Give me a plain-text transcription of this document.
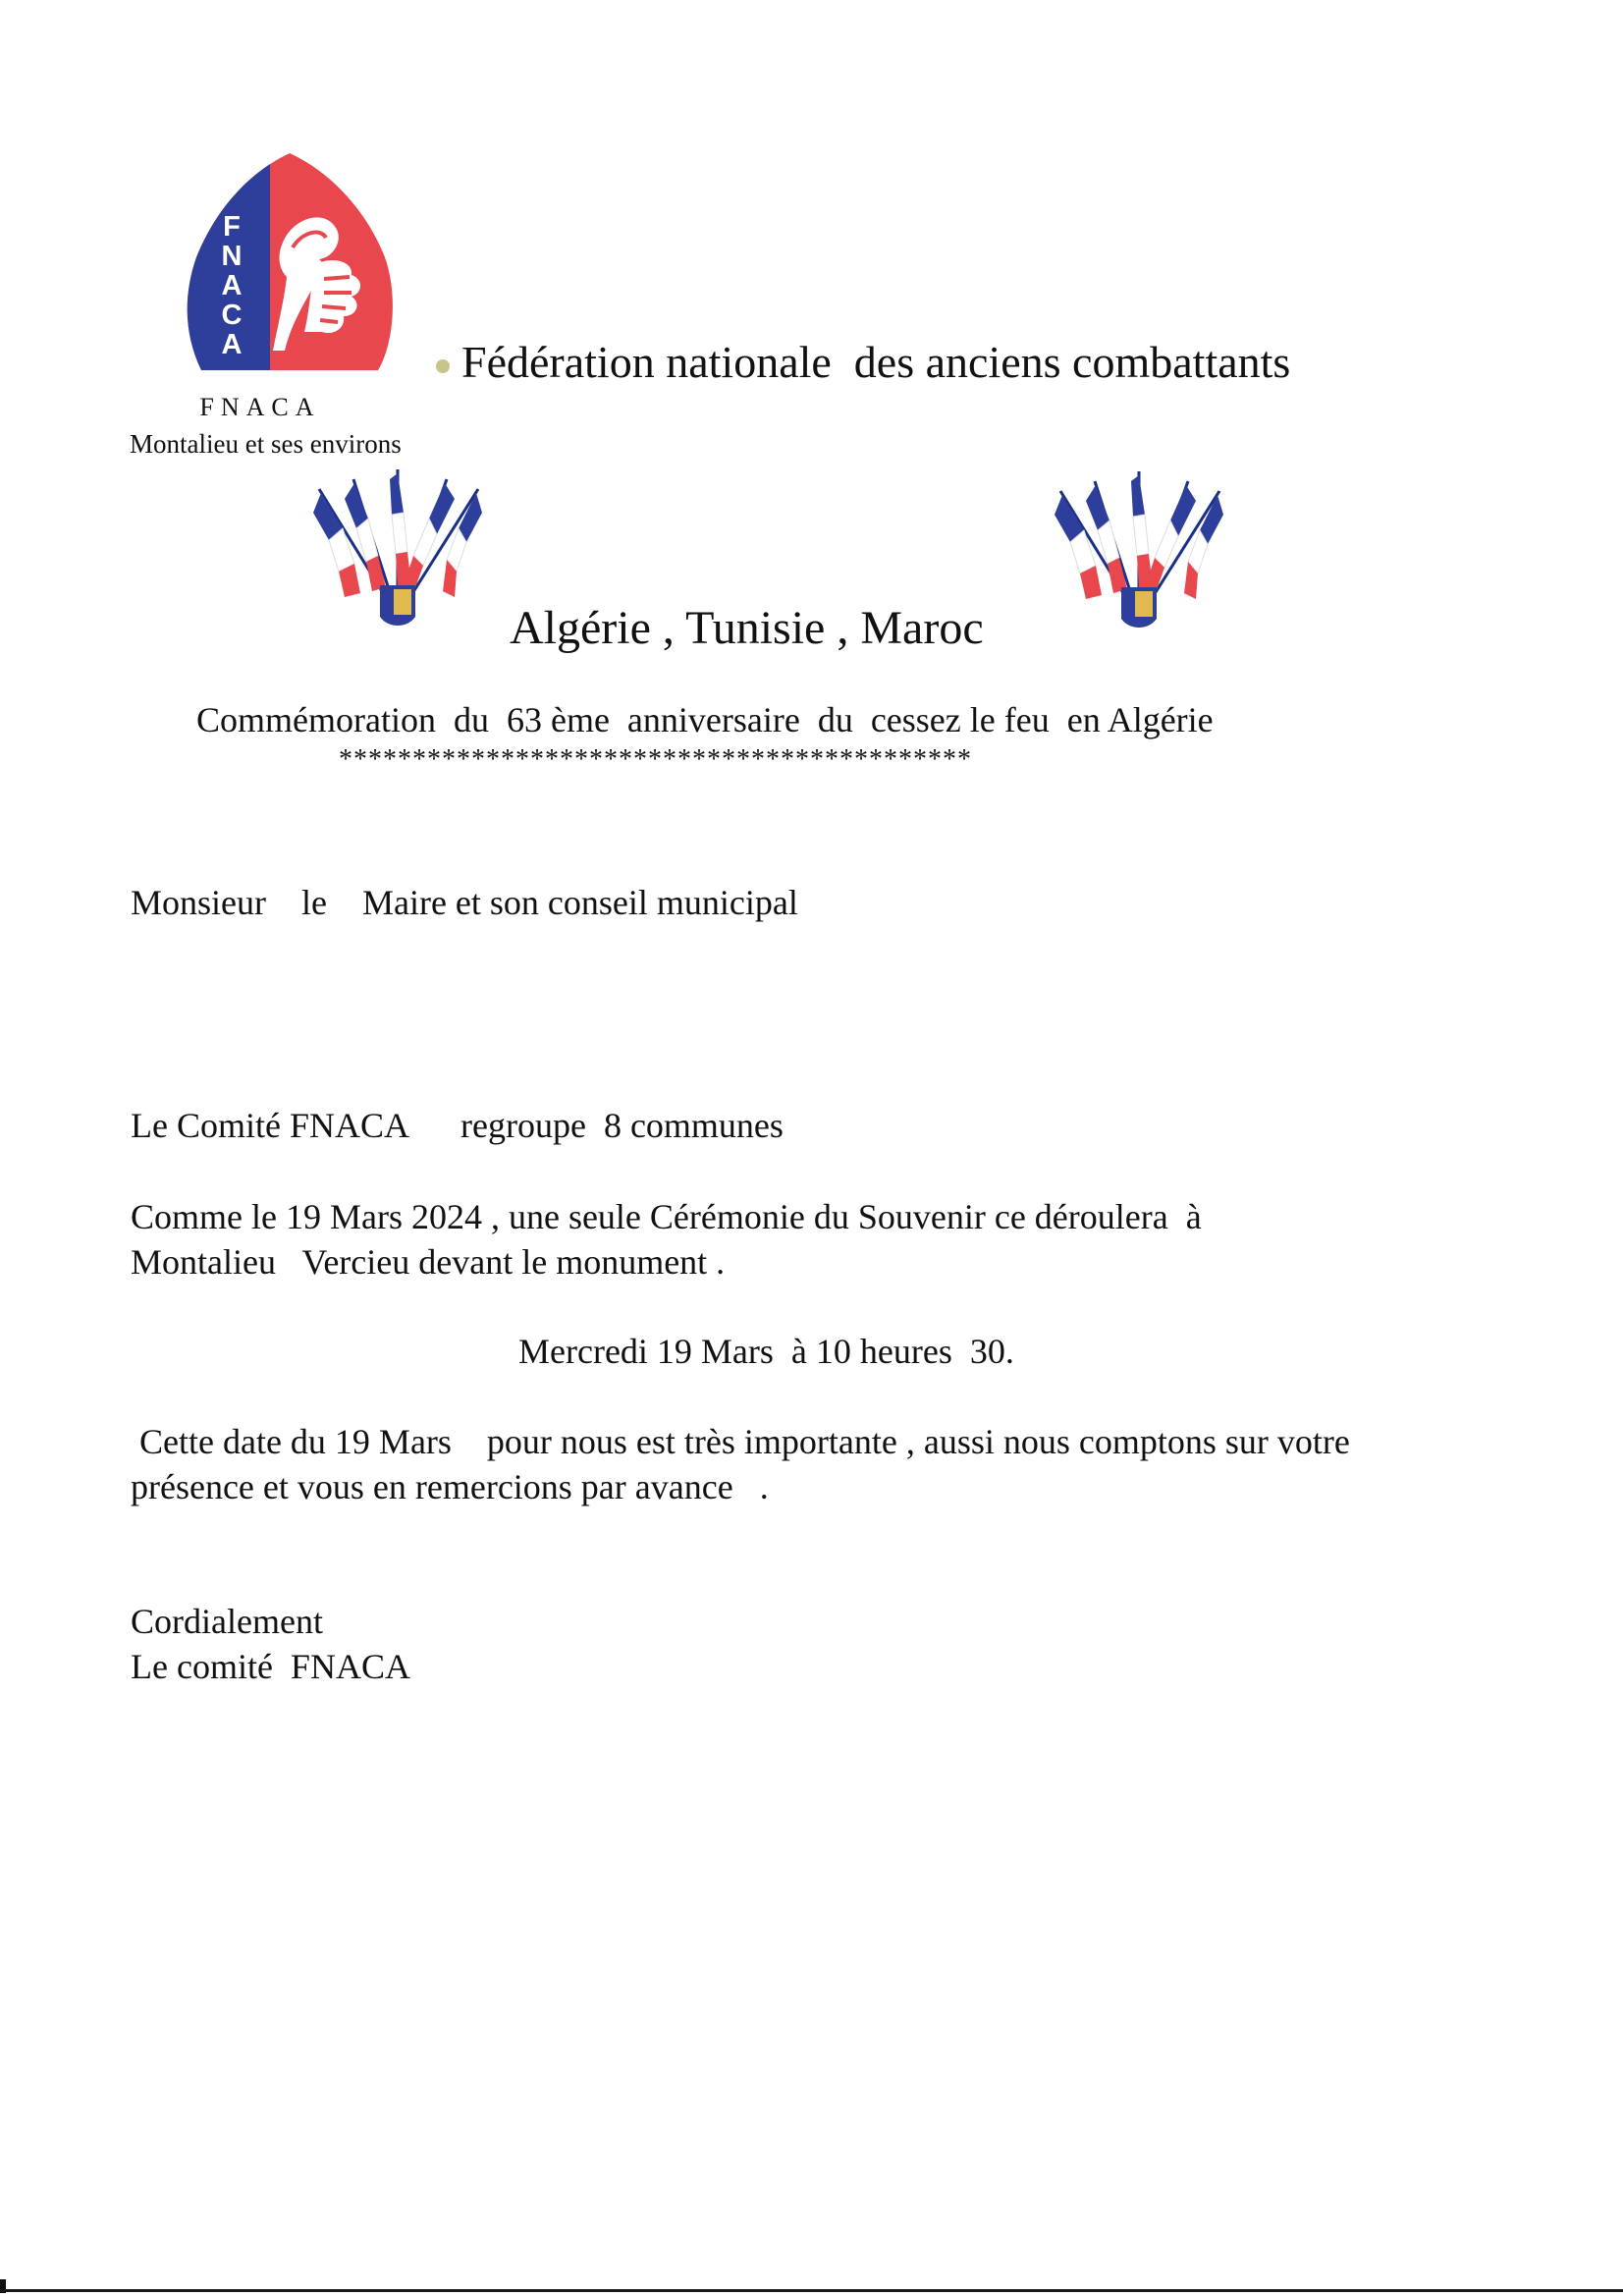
F N A C A
FNACA
Montalieu et ses environs
Fédération nationale  des anciens combattants
Algérie , Tunisie , Maroc
Commémoration  du  63 ème  anniversaire  du  cessez le feu  en Algérie
*******************************************
Monsieur    le    Maire et son conseil municipal
Le Comité FNACA      regroupe  8 communes
Comme le 19 Mars 2024 , une seule Cérémonie du Souvenir ce déroulera  à
Montalieu   Vercieu devant le monument .
Mercredi 19 Mars  à 10 heures  30.
Cette date du 19 Mars    pour nous est très importante , aussi nous comptons sur votre
présence et vous en remercions par avance   .
Cordialement
Le comité  FNACA
